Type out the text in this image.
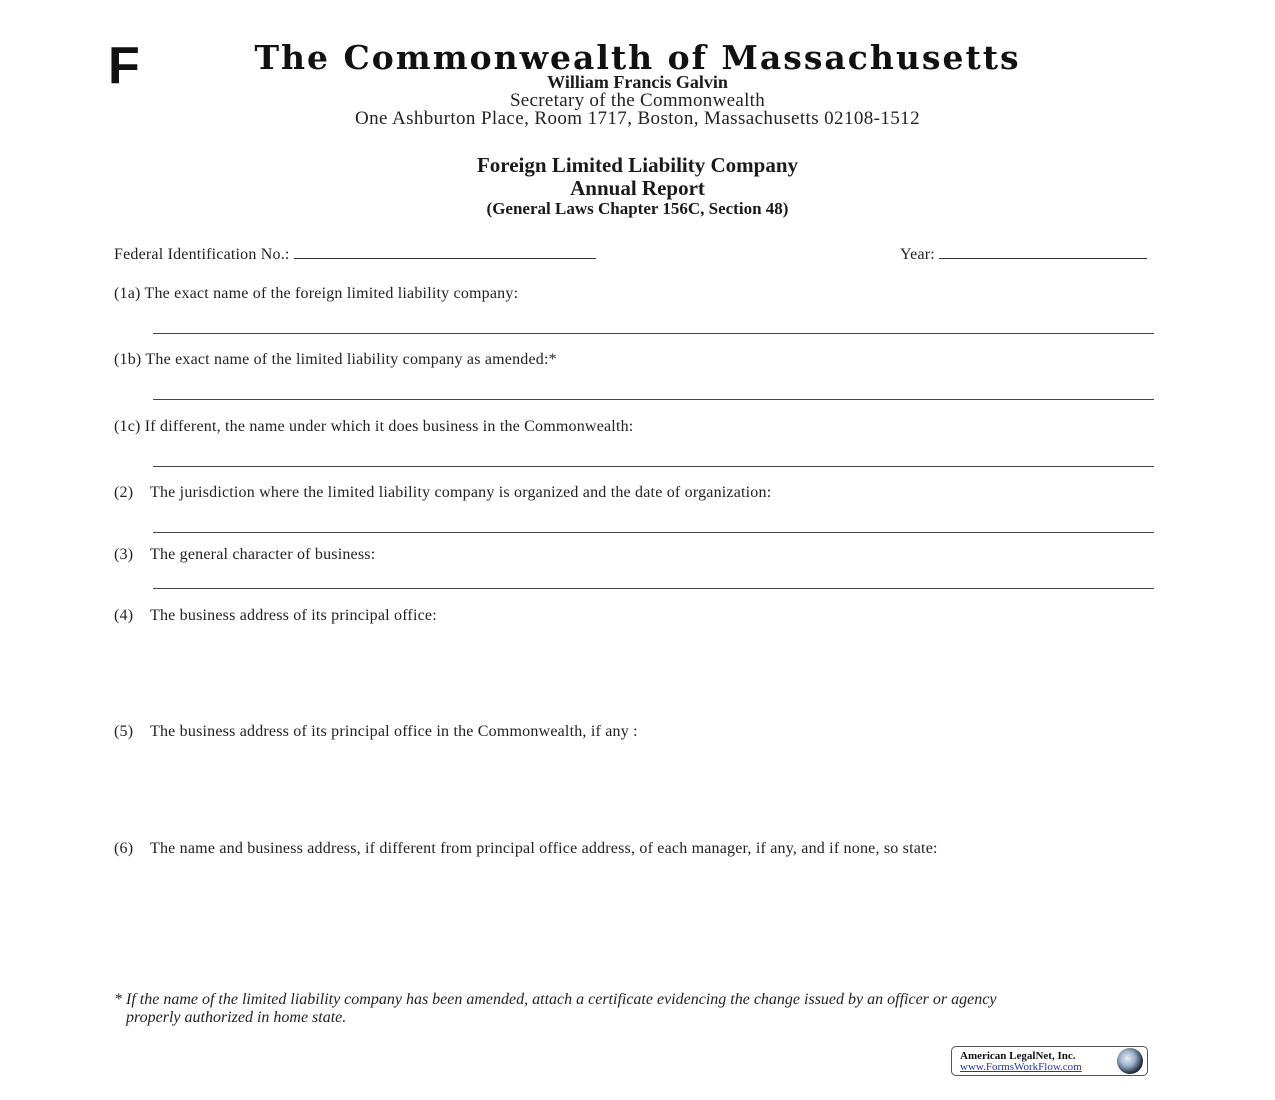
F	The Commonwealth of Massachusetts
William Francis Galvin
Secretary of the Commonwealth
One Ashburton Place, Room 1717, Boston, Massachusetts 02108-1512
Foreign Limited Liability Company
Annual Report
(General Laws Chapter 156C, Section 48)
Federal Identification No.:	Year:
(1a) The exact name of the foreign limited liability company:
(1b) The exact name of the limited liability company as amended:*
(1c) If different, the name under which it does business in the Commonwealth:
(2) The jurisdiction where the limited liability company is organized and the date of organization:
(3) The general character of business:
(4) The business address of its principal office:
(5) The business address of its principal office in the Commonwealth, if any :
(6) The name and business address, if different from principal office address, of each manager, if any, and if none, so state:
* If the name of the limited liability company has been amended, attach a certificate evidencing the change issued by an officer or agency
properly authorized in home state.
American LegalNet, Inc.
www.FormsWorkFlow.com
